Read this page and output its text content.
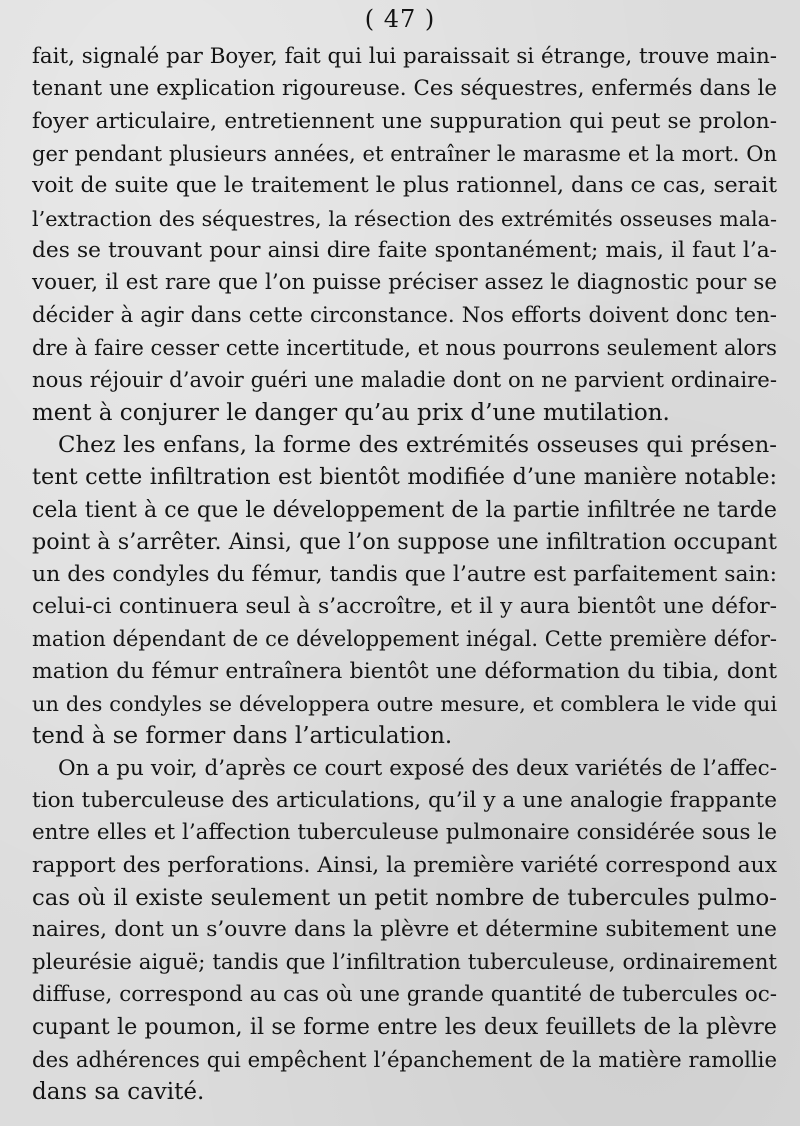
( 47 )
fait, signalé par Boyer, fait qui lui paraissait si étrange, trouve main-
tenant une explication rigoureuse. Ces séquestres, enfermés dans le
foyer articulaire, entretiennent une suppuration qui peut se prolon-
ger pendant plusieurs années, et entraîner le marasme et la mort. On
voit de suite que le traitement le plus rationnel, dans ce cas, serait
l’extraction des séquestres, la résection des extrémités osseuses mala-
des se trouvant pour ainsi dire faite spontanément; mais, il faut l’a-
vouer, il est rare que l’on puisse préciser assez le diagnostic pour se
décider à agir dans cette circonstance. Nos efforts doivent donc ten-
dre à faire cesser cette incertitude, et nous pourrons seulement alors
nous réjouir d’avoir guéri une maladie dont on ne parvient ordinaire-
ment à conjurer le danger qu’au prix d’une mutilation.
Chez les enfans, la forme des extrémités osseuses qui présen-
tent cette infiltration est bientôt modifiée d’une manière notable:
cela tient à ce que le développement de la partie infiltrée ne tarde
point à s’arrêter. Ainsi, que l’on suppose une infiltration occupant
un des condyles du fémur, tandis que l’autre est parfaitement sain:
celui-ci continuera seul à s’accroître, et il y aura bientôt une défor-
mation dépendant de ce développement inégal. Cette première défor-
mation du fémur entraînera bientôt une déformation du tibia, dont
un des condyles se développera outre mesure, et comblera le vide qui
tend à se former dans l’articulation.
On a pu voir, d’après ce court exposé des deux variétés de l’affec-
tion tuberculeuse des articulations, qu’il y a une analogie frappante
entre elles et l’affection tuberculeuse pulmonaire considérée sous le
rapport des perforations. Ainsi, la première variété correspond aux
cas où il existe seulement un petit nombre de tubercules pulmo-
naires, dont un s’ouvre dans la plèvre et détermine subitement une
pleurésie aiguë; tandis que l’infiltration tuberculeuse, ordinairement
diffuse, correspond au cas où une grande quantité de tubercules oc-
cupant le poumon, il se forme entre les deux feuillets de la plèvre
des adhérences qui empêchent l’épanchement de la matière ramollie
dans sa cavité.
